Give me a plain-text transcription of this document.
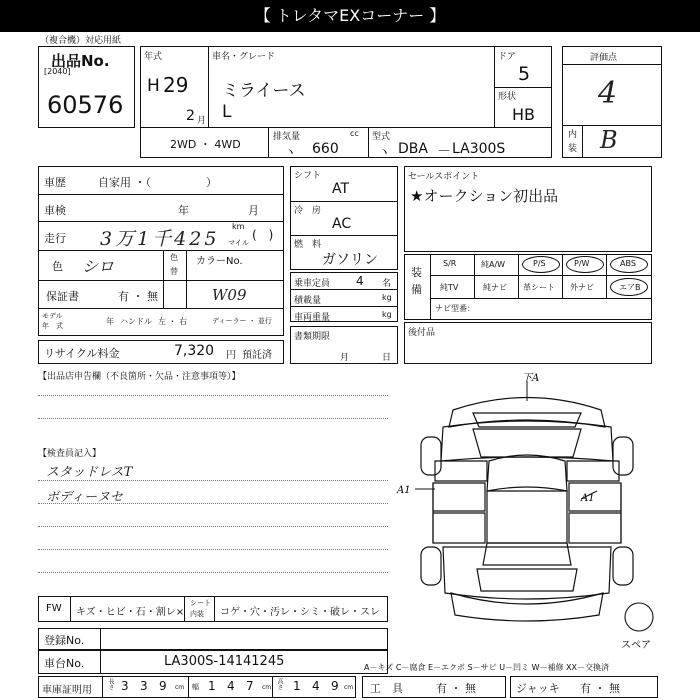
【 トレタマEXコーナー 】
（複合機）対応用紙
出品No.
[2040]
60576
年式
H 29
2 月
車名・グレード
ミライース
L
ドア
5
形状
HB
2WD ・ 4WD
排気量	cc
ヽ 660
型式
ヽ DBA － LA300S
評価点
4
内
装 B
車歴	自家用 ・（　　　　　）
車検	年	月
走行 3万1千425
km
マイル
(　)
色 シロ	色
替
カラーNo.
W09
保証書	有 ・ 無
モデル
年　式	年 ハンドル 左 ・ 右	ディーラー ・ 並行
リサイクル料金	7,320 円 預託済
シフト
AT
冷　房
AC
燃　料
ガソリン
乗車定員 4 名
積載量	kg
車両重量	kg
書類期限
月	日
セールスポイント
★オークション初出品
装
備
S/R	純A/W	P/S	P/W	ABS
純TV	純ナビ 革シート 外ナビ	エアB
ナビ型番：
後付品
【出品店申告欄（不良箇所・欠品・注意事項等）】
【検査員記入】
スタッドレスT
ボディーヌセ
下A
A1
A1
スペア
FW キズ・ヒビ・石・割レ×
シート
内装 コゲ・穴・汚レ・シミ・破レ・スレ
登録No.
車台No.	LA300S-14141245	A－キズ C－腐食 E－エクボ S－サビ U－凹ミ W－補修 XX－交換済
車庫証明用
長さ 3 3 9 cm 幅 1 4 7 cm 高さ 1 4 9 cm 工　具	有 ・ 無	ジャッキ 有 ・ 無
